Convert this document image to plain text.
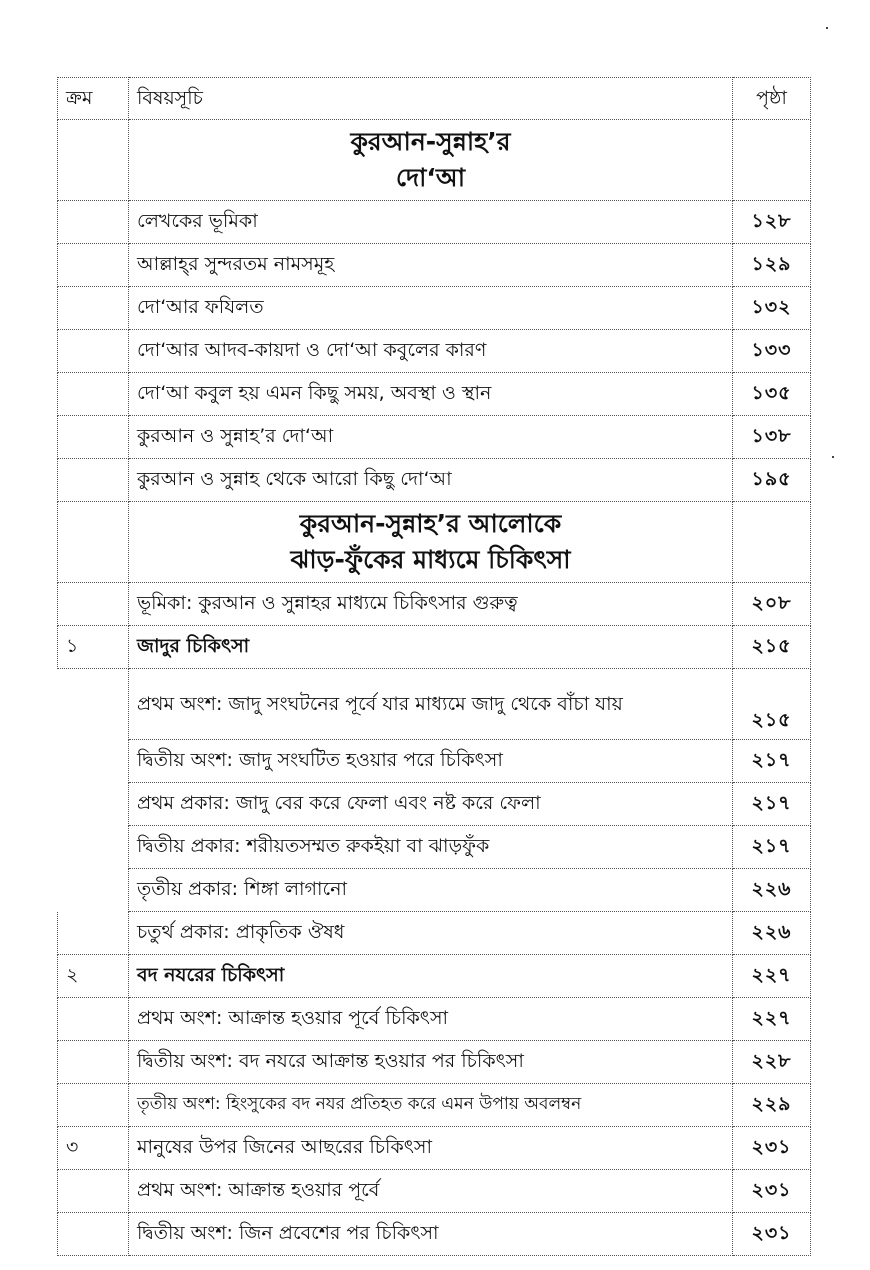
ক্রম	বিষয়সূচি	পৃষ্ঠা
	কুরআন-সুন্নাহ’র
দো‘আ	
	লেখকের ভূমিকা	১২৮
	আল্লাহ্‌র সুন্দরতম নামসমূহ	১২৯
	দো‘আর ফযিলত	১৩২
	দো‘আর আদব-কায়দা ও দো‘আ কবুলের কারণ	১৩৩
	দো‘আ কবুল হয় এমন কিছু সময়, অবস্থা ও স্থান	১৩৫
	কুরআন ও সুন্নাহ’র দো‘আ	১৩৮
	কুরআন ও সুন্নাহ থেকে আরো কিছু দো‘আ	১৯৫
	কুরআন-সুন্নাহ’র আলোকে
ঝাড়-ফুঁকের মাধ্যমে চিকিৎসা	
	ভূমিকা: কুরআন ও সুন্নাহর মাধ্যমে চিকিৎসার গুরুত্ব	২০৮
১	জাদুর চিকিৎসা	২১৫
	প্রথম অংশ: জাদু সংঘটনের পূর্বে যার মাধ্যমে জাদু থেকে বাঁচা যায়	২১৫
	দ্বিতীয় অংশ: জাদু সংঘটিত হওয়ার পরে চিকিৎসা	২১৭
	প্রথম প্রকার: জাদু বের করে ফেলা এবং নষ্ট করে ফেলা	২১৭
	দ্বিতীয় প্রকার: শরীয়তসম্মত রুকইয়া বা ঝাড়ফুঁক	২১৭
	তৃতীয় প্রকার: শিঙ্গা লাগানো	২২৬
	চতুর্থ প্রকার: প্রাকৃতিক ঔষধ	২২৬
২	বদ নযরের চিকিৎসা	২২৭
	প্রথম অংশ: আক্রান্ত হওয়ার পূর্বে চিকিৎসা	২২৭
	দ্বিতীয় অংশ: বদ নযরে আক্রান্ত হওয়ার পর চিকিৎসা	২২৮
	তৃতীয় অংশ: হিংসুকের বদ নযর প্রতিহত করে এমন উপায় অবলম্বন	২২৯
৩	মানুষের উপর জিনের আছরের চিকিৎসা	২৩১
	প্রথম অংশ: আক্রান্ত হওয়ার পূর্বে	২৩১
	দ্বিতীয় অংশ: জিন প্রবেশের পর চিকিৎসা	২৩১
